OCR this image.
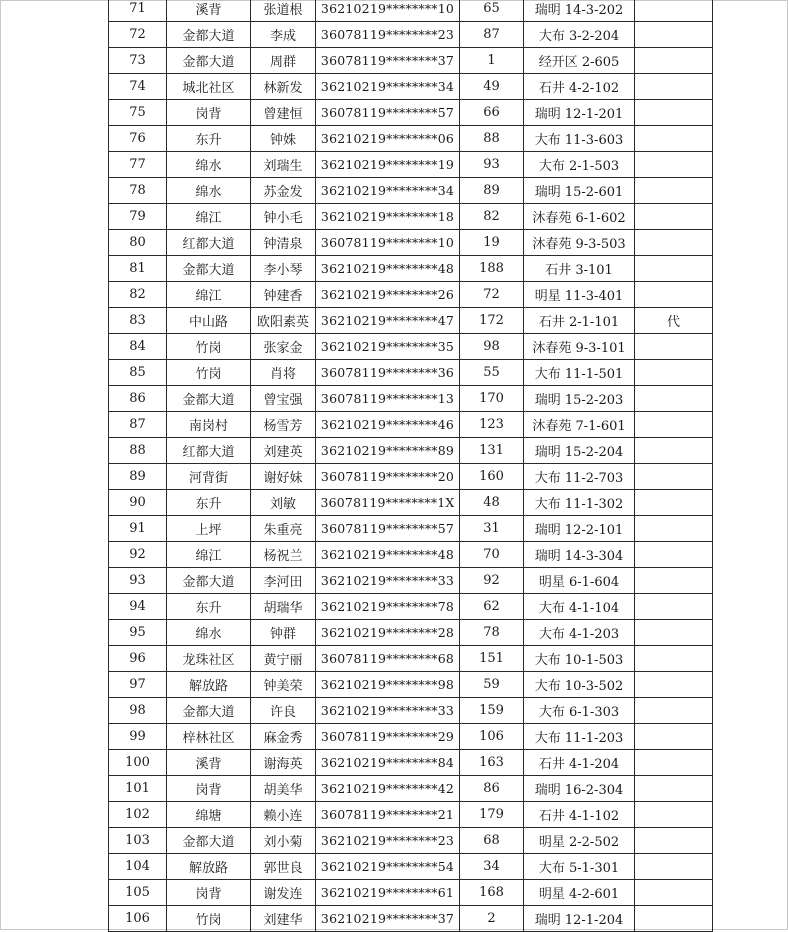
71	溪背	张道根	36210219********10	65	瑞明 14-3-202	
72	金都大道	李成	36078119********23	87	大布 3-2-204	
73	金都大道	周群	36078119********37	1	经开区 2-605	
74	城北社区	林新发	36210219********34	49	石井 4-2-102	
75	岗背	曾建恒	36078119********57	66	瑞明 12-1-201	
76	东升	钟姝	36210219********06	88	大布 11-3-603	
77	绵水	刘瑞生	36210219********19	93	大布 2-1-503	
78	绵水	苏金发	36210219********34	89	瑞明 15-2-601	
79	绵江	钟小毛	36210219********18	82	沐春苑 6-1-602	
80	红都大道	钟清泉	36078119********10	19	沐春苑 9-3-503	
81	金都大道	李小琴	36210219********48	188	石井 3-101	
82	绵江	钟建香	36210219********26	72	明星 11-3-401	
83	中山路	欧阳素英	36210219********47	172	石井 2-1-101	代
84	竹岗	张家金	36210219********35	98	沐春苑 9-3-101	
85	竹岗	肖将	36078119********36	55	大布 11-1-501	
86	金都大道	曾宝强	36078119********13	170	瑞明 15-2-203	
87	南岗村	杨雪芳	36210219********46	123	沐春苑 7-1-601	
88	红都大道	刘建英	36210219********89	131	瑞明 15-2-204	
89	河背街	谢好妹	36078119********20	160	大布 11-2-703	
90	东升	刘敏	36078119********1X	48	大布 11-1-302	
91	上坪	朱重亮	36078119********57	31	瑞明 12-2-101	
92	绵江	杨祝兰	36210219********48	70	瑞明 14-3-304	
93	金都大道	李河田	36210219********33	92	明星 6-1-604	
94	东升	胡瑞华	36210219********78	62	大布 4-1-104	
95	绵水	钟群	36210219********28	78	大布 4-1-203	
96	龙珠社区	黄宁丽	36078119********68	151	大布 10-1-503	
97	解放路	钟美荣	36210219********98	59	大布 10-3-502	
98	金都大道	许良	36210219********33	159	大布 6-1-303	
99	梓林社区	麻金秀	36078119********29	106	大布 11-1-203	
100	溪背	谢海英	36210219********84	163	石井 4-1-204	
101	岗背	胡美华	36210219********42	86	瑞明 16-2-304	
102	绵塘	赖小连	36078119********21	179	石井 4-1-102	
103	金都大道	刘小菊	36210219********23	68	明星 2-2-502	
104	解放路	郭世良	36210219********54	34	大布 5-1-301	
105	岗背	谢发连	36210219********61	168	明星 4-2-601	
106	竹岗	刘建华	36210219********37	2	瑞明 12-1-204	
